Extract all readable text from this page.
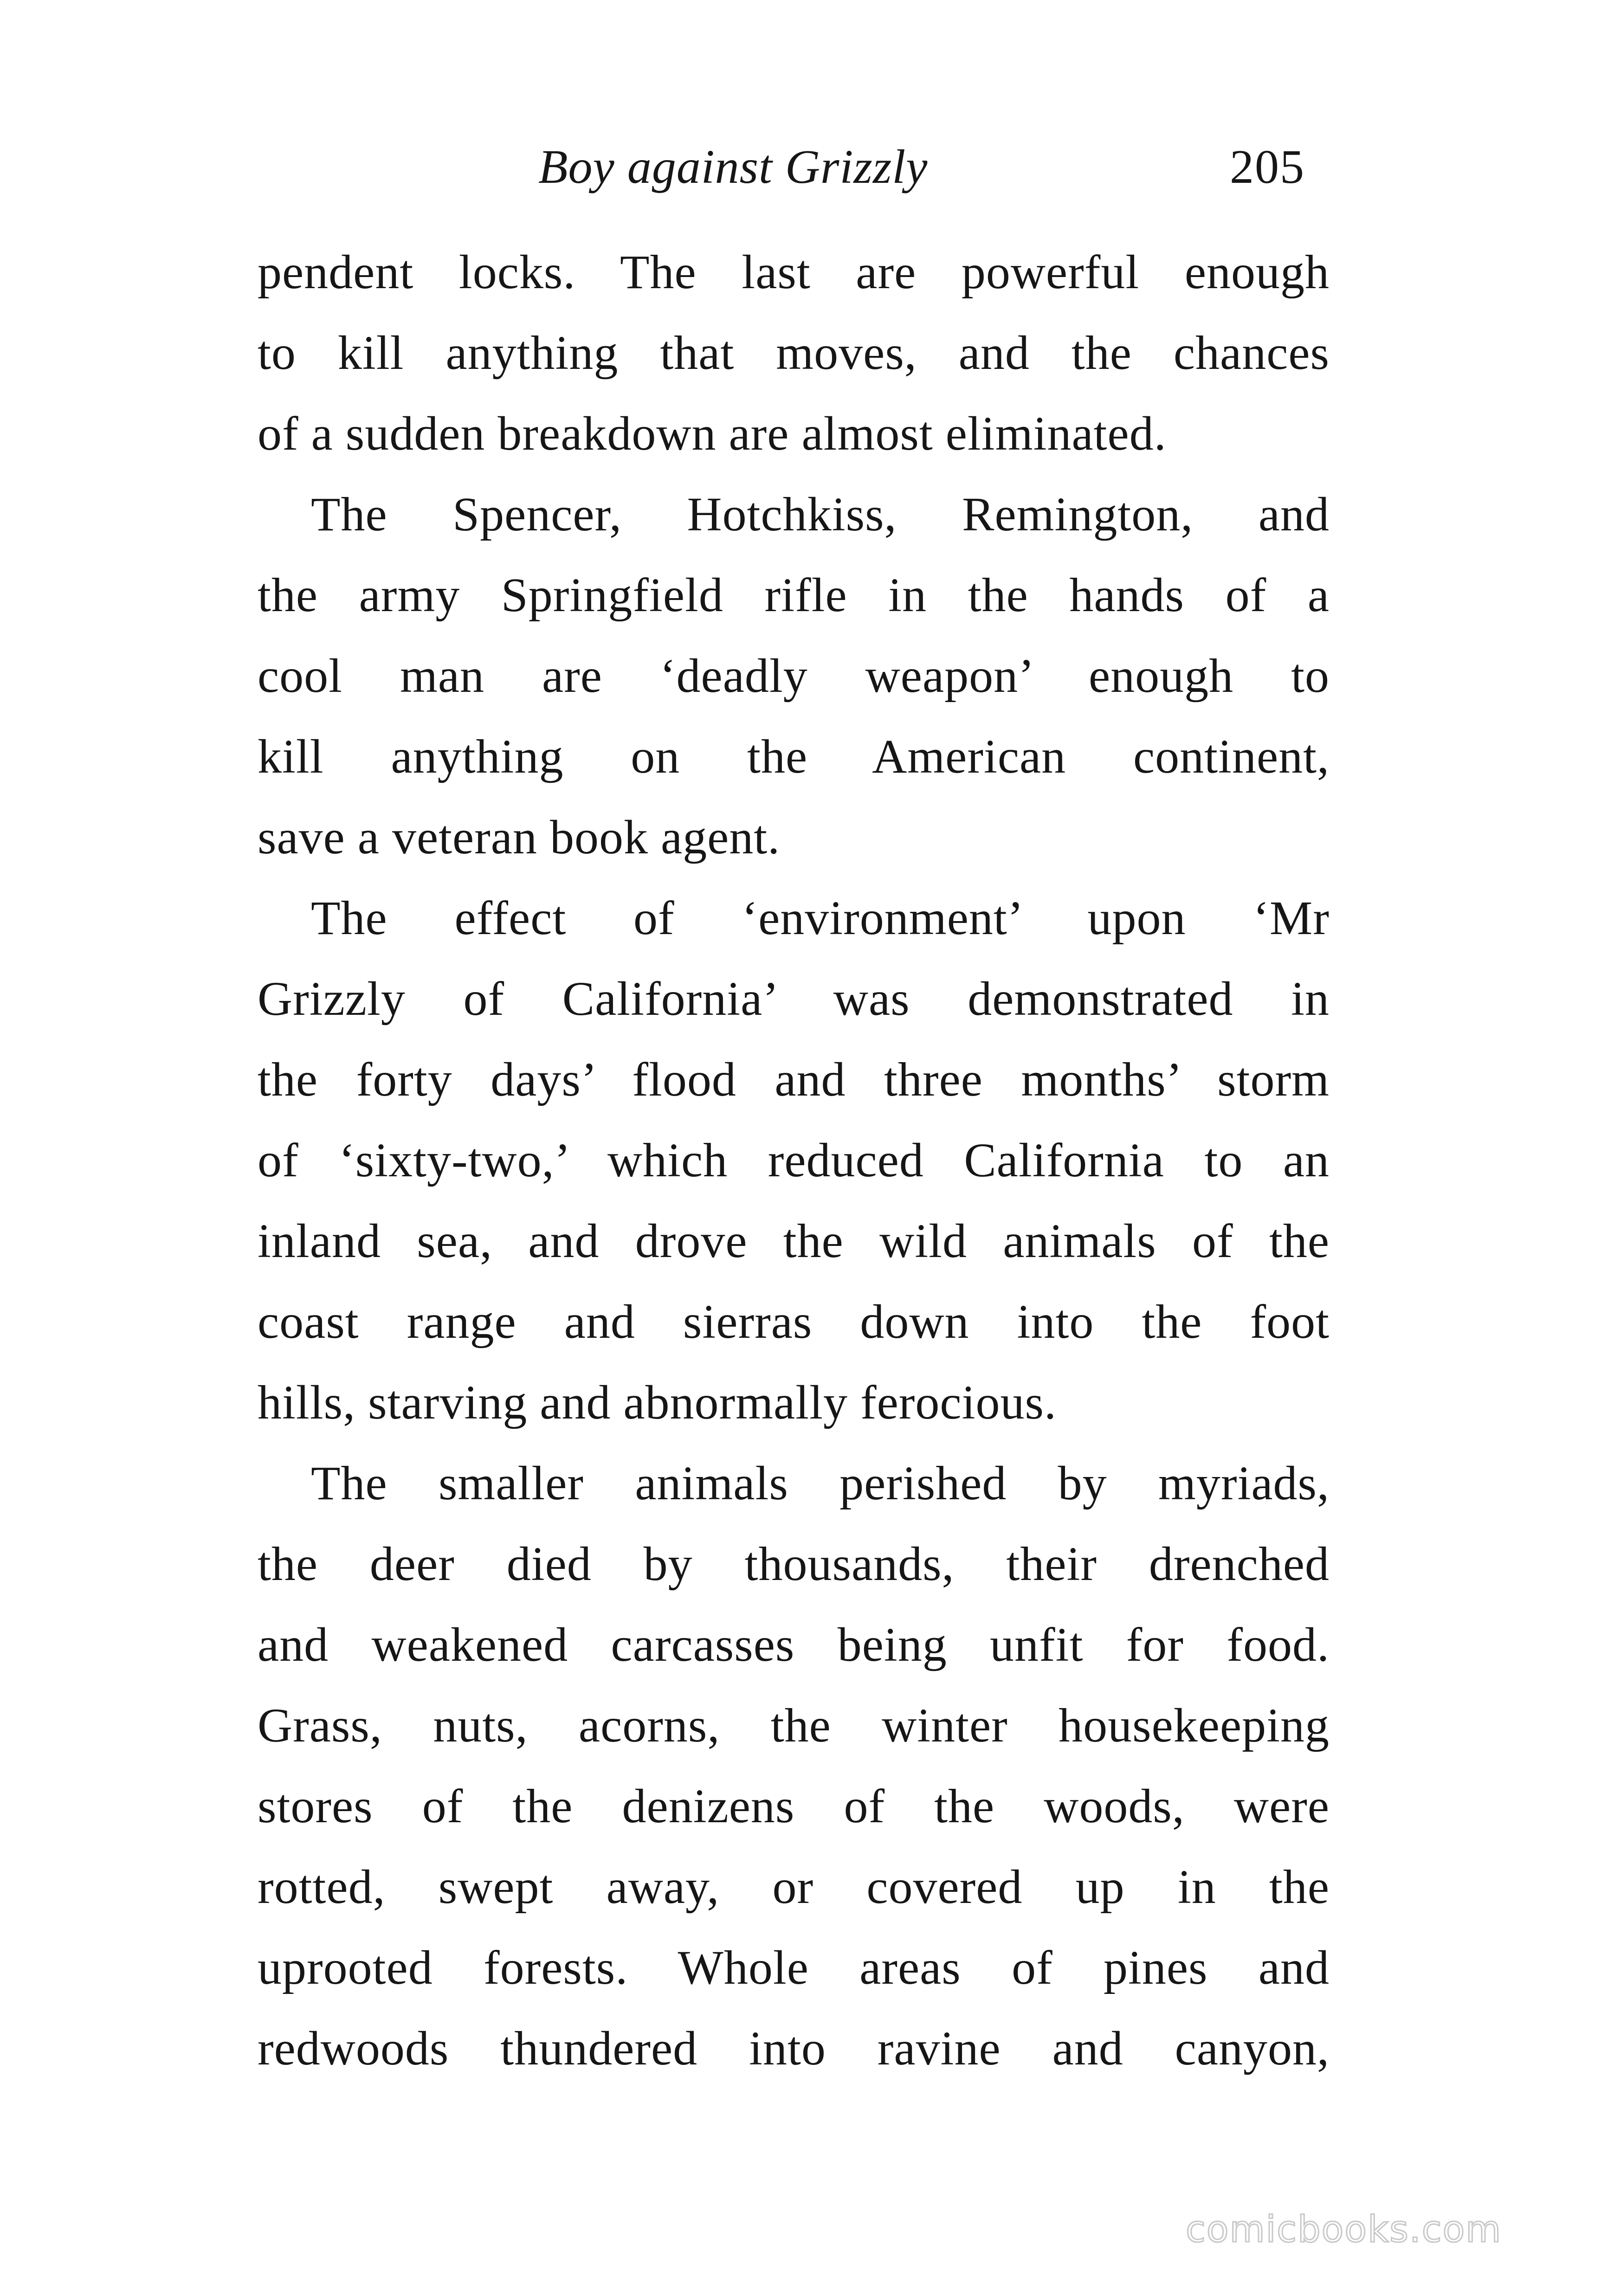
Boy against Grizzly	205
pendent locks. The last are powerful enough
to kill anything that moves, and the chances
of a sudden breakdown are almost eliminated.
The Spencer, Hotchkiss, Remington, and
the army Springfield rifle in the hands of a
cool man are ‘deadly weapon’ enough to
kill anything on the American continent,
save a veteran book agent.
The effect of ‘environment’ upon ‘Mr
Grizzly of California’ was demonstrated in
the forty days’ flood and three months’ storm
of ‘sixty-two,’ which reduced California to an
inland sea, and drove the wild animals of the
coast range and sierras down into the foot
hills, starving and abnormally ferocious.
The smaller animals perished by myriads,
the deer died by thousands, their drenched
and weakened carcasses being unfit for food.
Grass, nuts, acorns, the winter housekeeping
stores of the denizens of the woods, were
rotted, swept away, or covered up in the
uprooted forests. Whole areas of pines and
redwoods thundered into ravine and canyon,
comicbooks.com
